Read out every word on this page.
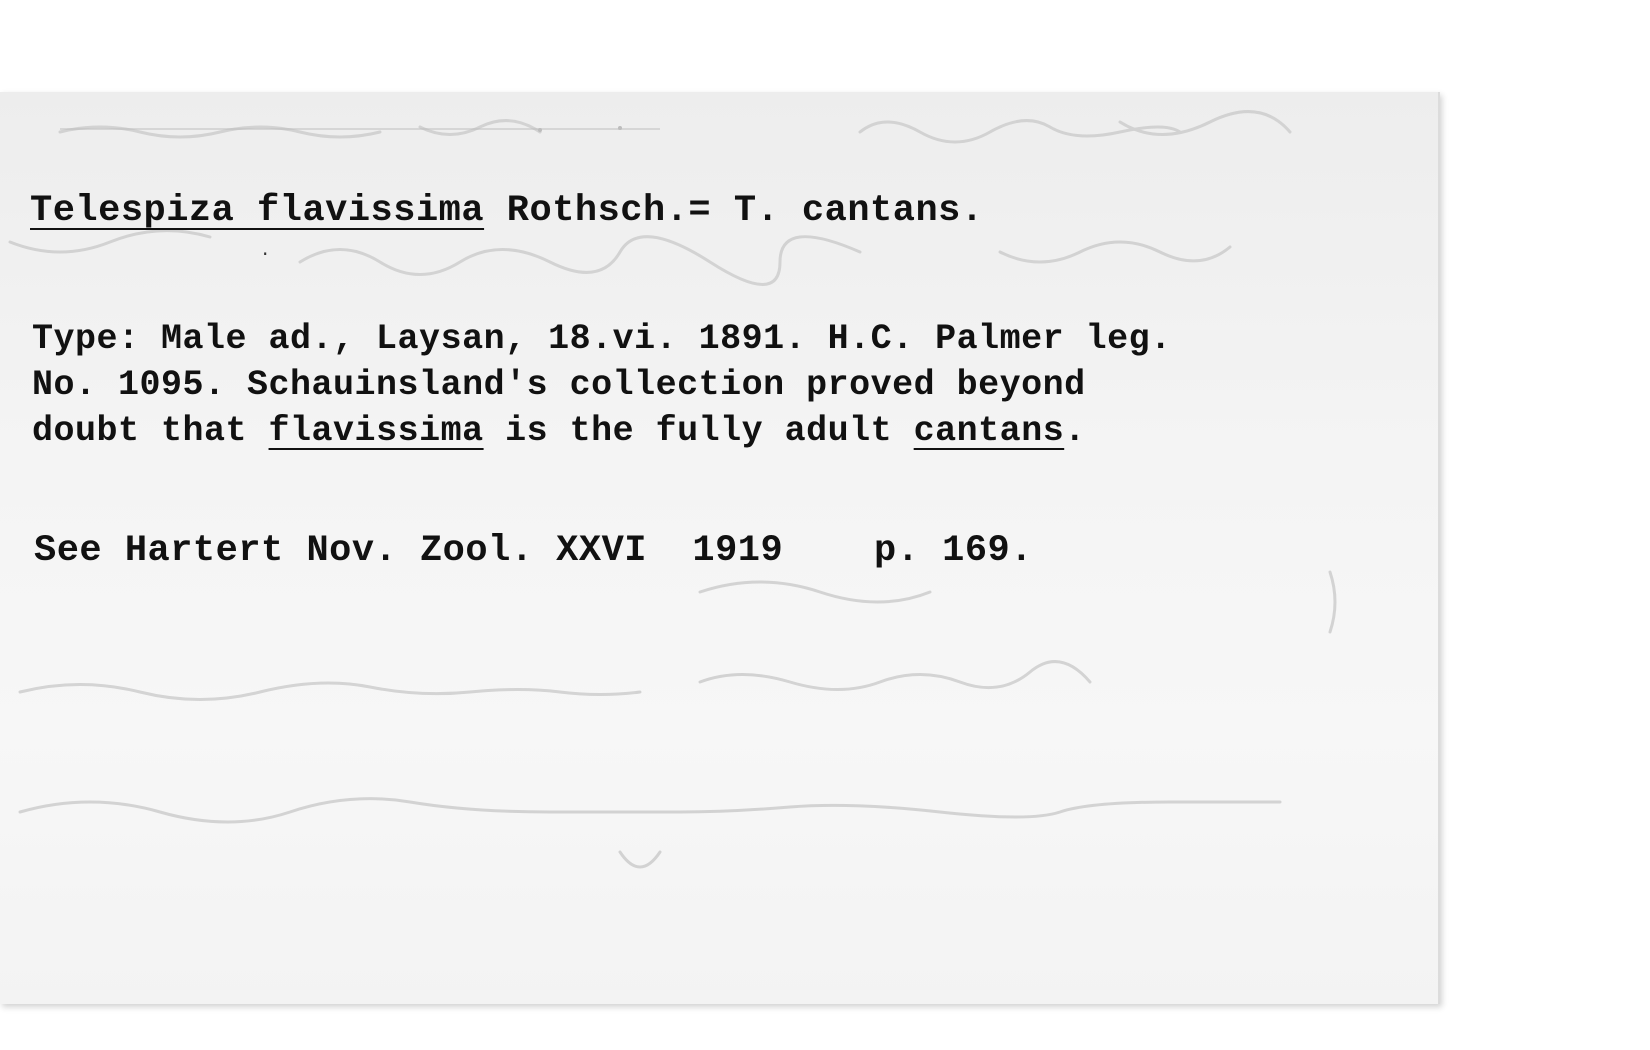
Telespiza flavissima Rothsch.= T. cantans.
·
Type: Male ad., Laysan, 18.vi. 1891. H.C. Palmer leg.
No. 1095. Schauinsland's collection proved beyond
doubt that flavissima is the fully adult cantans.
See Hartert Nov. Zool. XXVI  1919    p. 169.
